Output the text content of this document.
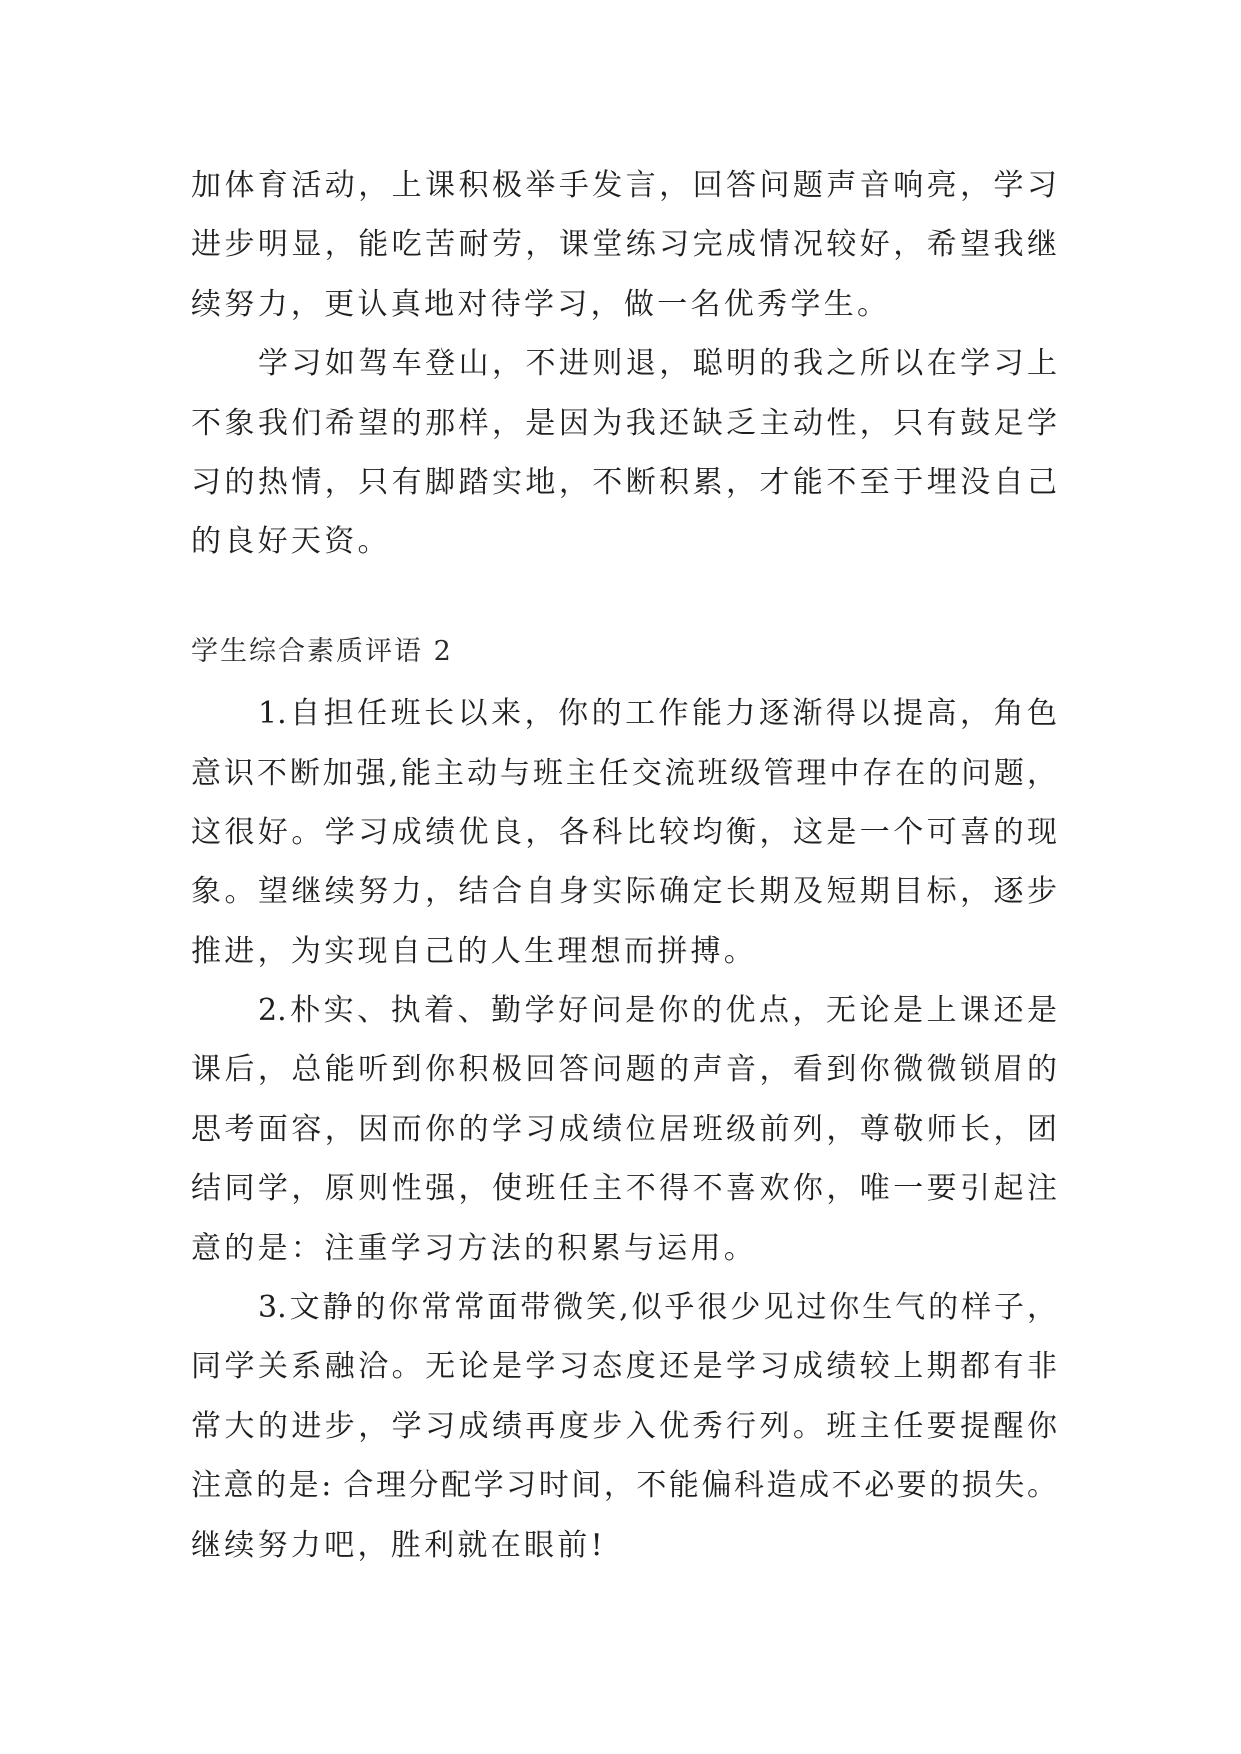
加体育活动，上课积极举手发言，回答问题声音响亮，学习
进步明显，能吃苦耐劳，课堂练习完成情况较好，希望我继
续努力，更认真地对待学习，做一名优秀学生。
学习如驾车登山，不进则退，聪明的我之所以在学习上
不象我们希望的那样，是因为我还缺乏主动性，只有鼓足学
习的热情，只有脚踏实地，不断积累，才能不至于埋没自己
的良好天资。
学生综合素质评语 2
1.自担任班长以来，你的工作能力逐渐得以提高，角色
意识不断加强,能主动与班主任交流班级管理中存在的问题，
这很好。学习成绩优良，各科比较均衡，这是一个可喜的现
象。望继续努力，结合自身实际确定长期及短期目标，逐步
推进，为实现自己的人生理想而拼搏。
2.朴实、执着、勤学好问是你的优点，无论是上课还是
课后，总能听到你积极回答问题的声音，看到你微微锁眉的
思考面容，因而你的学习成绩位居班级前列，尊敬师长，团
结同学，原则性强，使班任主不得不喜欢你，唯一要引起注
意的是：注重学习方法的积累与运用。
3.文静的你常常面带微笑,似乎很少见过你生气的样子，
同学关系融洽。无论是学习态度还是学习成绩较上期都有非
常大的进步，学习成绩再度步入优秀行列。班主任要提醒你
注意的是: 合理分配学习时间，不能偏科造成不必要的损失。
继续努力吧，胜利就在眼前!
